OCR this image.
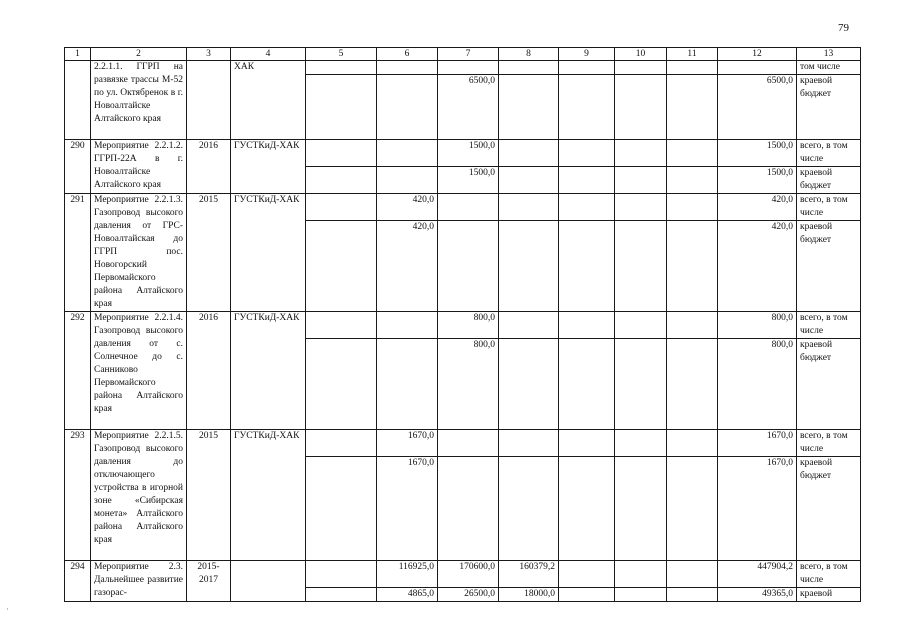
79
1	2	3	4	5	6	7	8	9	10	11	12	13
	2.2.1.1. ГГРП на развязке трассы М-52 по ул. Октябренок в г. Новоалтайске Алтайского края		ХАК									том числе
						6500,0					6500,0	краевой бюджет
290	Мероприятие 2.2.1.2. ГГРП-22А в г. Новоалтайске Алтайского края	2016	ГУСТКиД-ХАК			1500,0					1500,0	всего, в том числе
						1500,0					1500,0	краевой бюджет
291	Мероприятие 2.2.1.3. Газопровод высокого давления от ГРС-Новоалтайская до ГГРП пос. Новогорский Первомайского района Алтайского края	2015	ГУСТКиД-ХАК		420,0						420,0	всего, в том числе
					420,0						420,0	краевой бюджет
292	Мероприятие 2.2.1.4. Газопровод высокого давления от с. Солнечное до с. Санниково Первомайского района Алтайского края	2016	ГУСТКиД-ХАК			800,0					800,0	всего, в том числе
						800,0					800,0	краевой бюджет
293	Мероприятие 2.2.1.5. Газопровод высокого давления до отключающего устройства в игорной зоне «Сибирская монета» Алтайского района Алтайского края	2015	ГУСТКиД-ХАК		1670,0						1670,0	всего, в том числе
					1670,0						1670,0	краевой бюджет
294	Мероприятие 2.3. Дальнейшее развитие газорас-	2015-2017			116925,0	170600,0	160379,2				447904,2	всего, в том числе
					4865,0	26500,0	18000,0				49365,0	краевой
·
